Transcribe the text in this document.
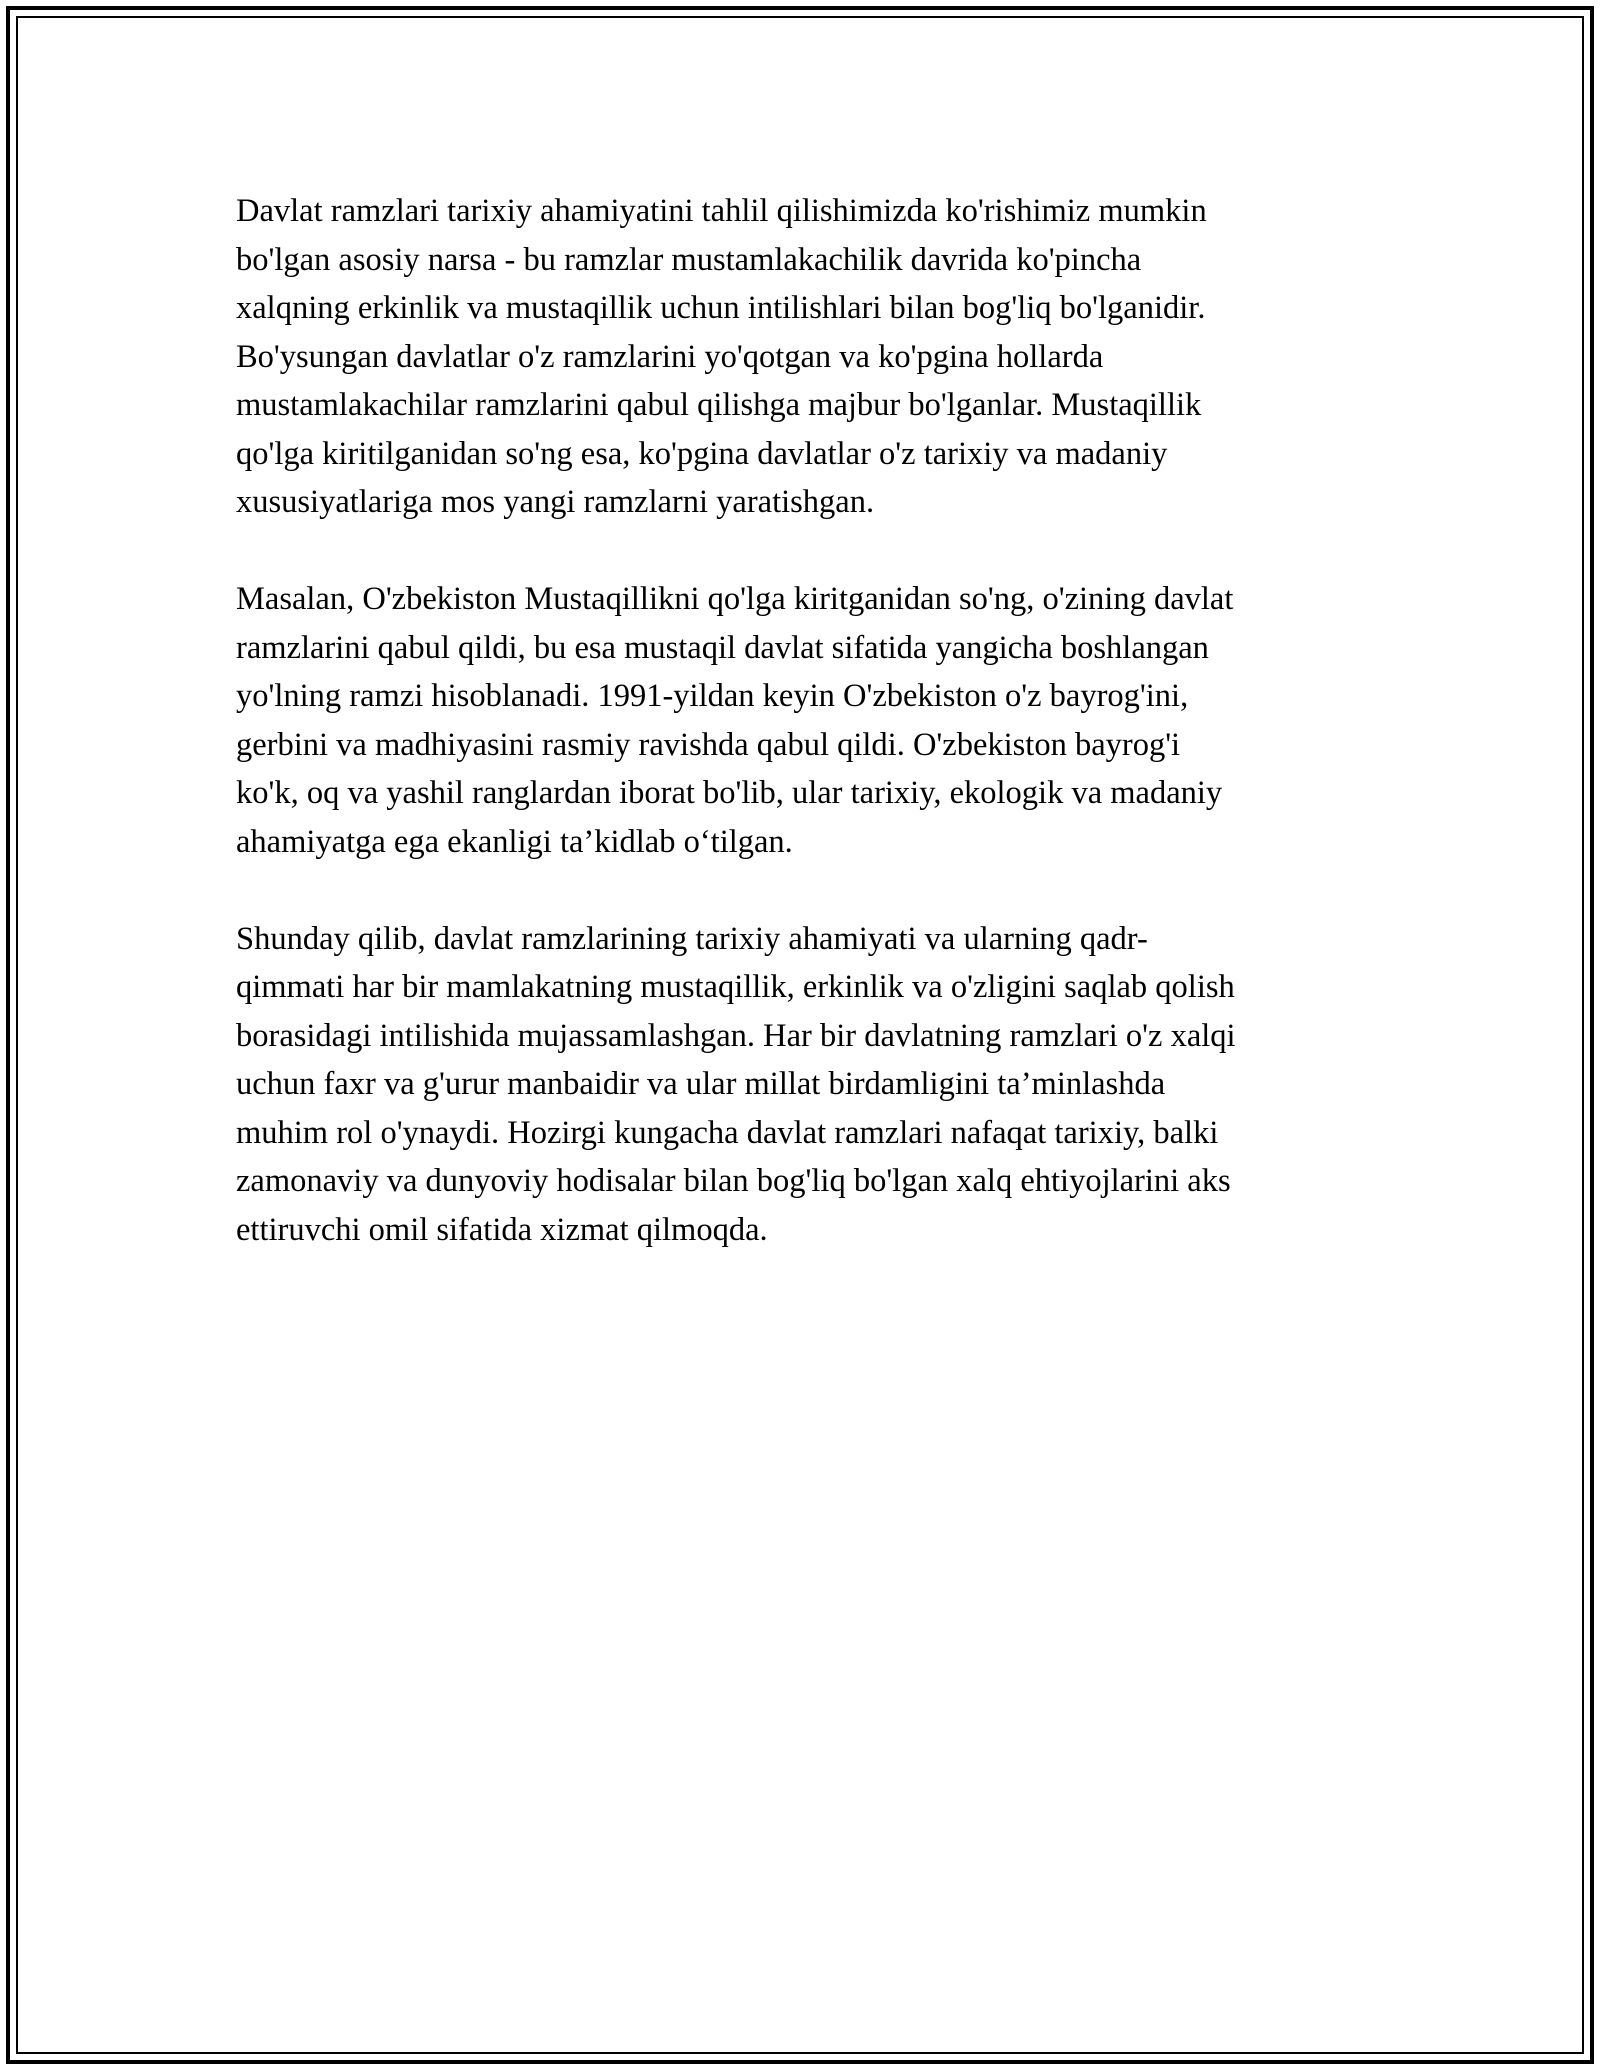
Davlat ramzlari tarixiy ahamiyatini tahlil qilishimizda ko'rishimiz mumkin
bo'lgan asosiy narsa - bu ramzlar mustamlakachilik davrida ko'pincha
xalqning erkinlik va mustaqillik uchun intilishlari bilan bog'liq bo'lganidir.
Bo'ysungan davlatlar o'z ramzlarini yo'qotgan va ko'pgina hollarda
mustamlakachilar ramzlarini qabul qilishga majbur bo'lganlar. Mustaqillik
qo'lga kiritilganidan so'ng esa, ko'pgina davlatlar o'z tarixiy va madaniy
xususiyatlariga mos yangi ramzlarni yaratishgan.

Masalan, O'zbekiston Mustaqillikni qo'lga kiritganidan so'ng, o'zining davlat
ramzlarini qabul qildi, bu esa mustaqil davlat sifatida yangicha boshlangan
yo'lning ramzi hisoblanadi. 1991-yildan keyin O'zbekiston o'z bayrog'ini,
gerbini va madhiyasini rasmiy ravishda qabul qildi. O'zbekiston bayrog'i
ko'k, oq va yashil ranglardan iborat bo'lib, ular tarixiy, ekologik va madaniy
ahamiyatga ega ekanligi ta’kidlab o‘tilgan.

Shunday qilib, davlat ramzlarining tarixiy ahamiyati va ularning qadr-
qimmati har bir mamlakatning mustaqillik, erkinlik va o'zligini saqlab qolish
borasidagi intilishida mujassamlashgan. Har bir davlatning ramzlari o'z xalqi
uchun faxr va g'urur manbaidir va ular millat birdamligini ta’minlashda
muhim rol o'ynaydi. Hozirgi kungacha davlat ramzlari nafaqat tarixiy, balki
zamonaviy va dunyoviy hodisalar bilan bog'liq bo'lgan xalq ehtiyojlarini aks
ettiruvchi omil sifatida xizmat qilmoqda.
